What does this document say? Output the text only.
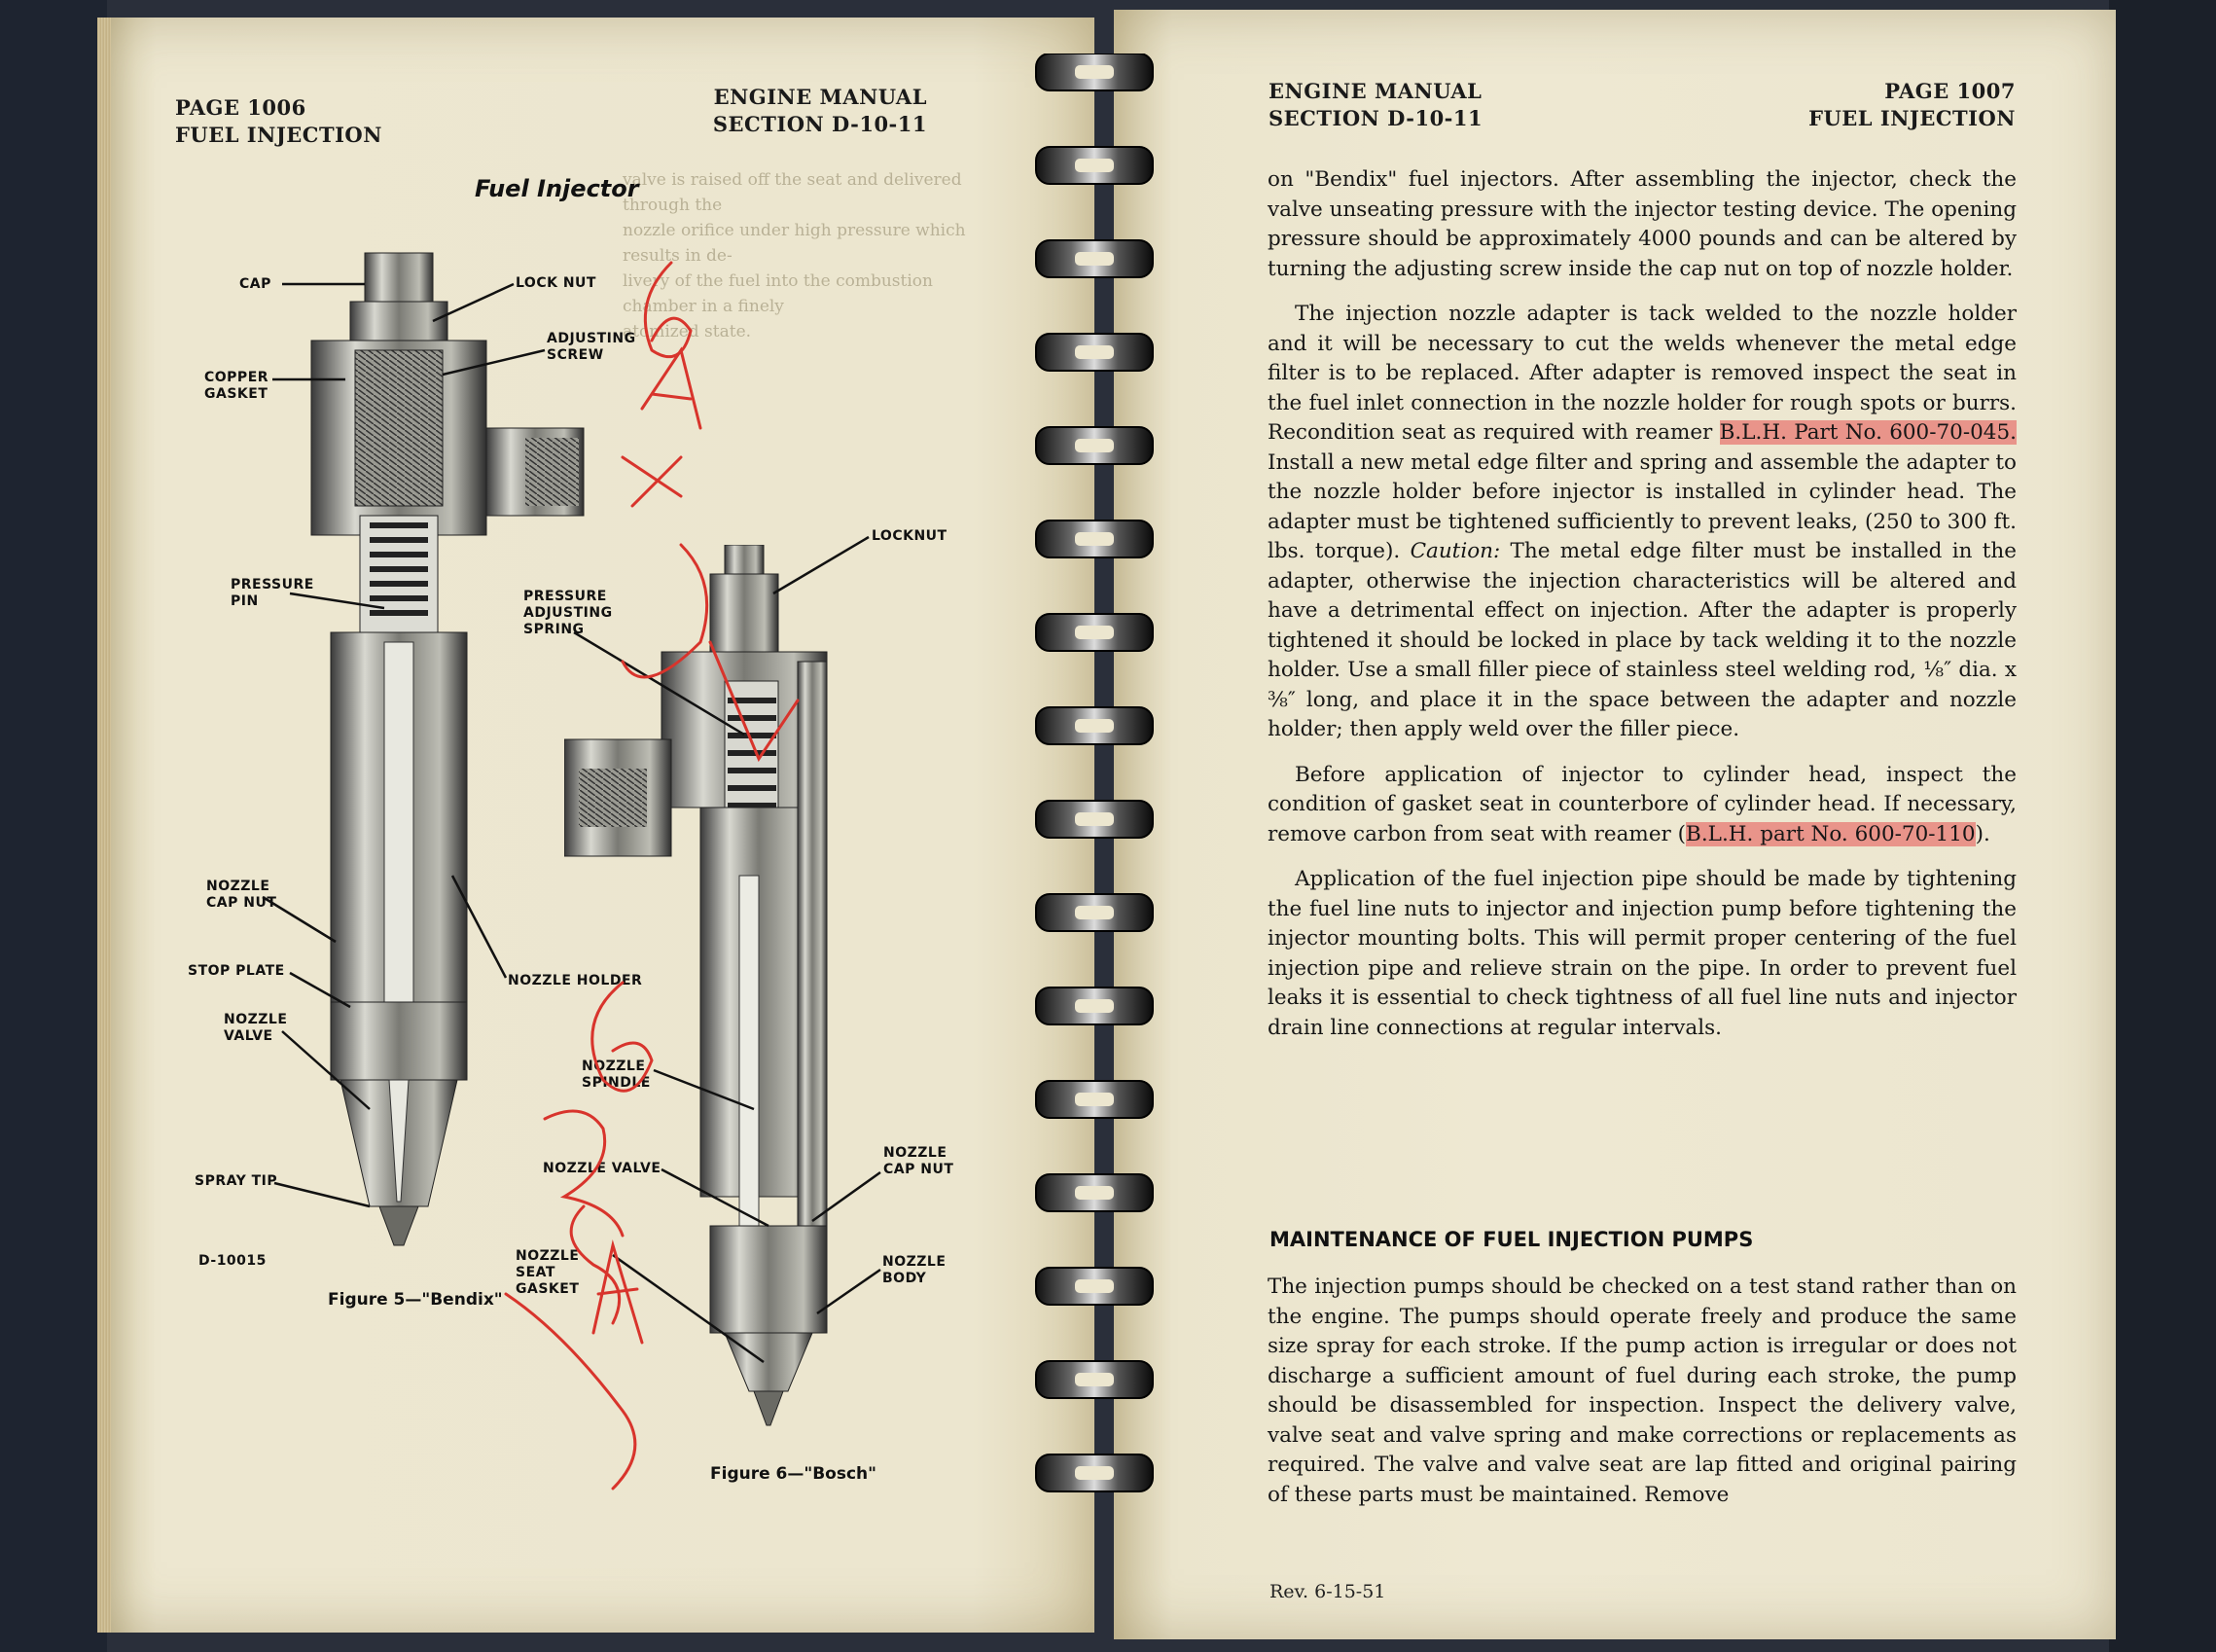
PAGE 1006
FUEL INJECTION
ENGINE MANUAL
SECTION D-10-11

valve is raised off the seat and delivered through the

nozzle orifice under high pressure which results in de-

livery of the fuel into the combustion chamber in a finely

atomized state.

Fuel Injector
CAP	LOCK NUT
ADJUSTING SCREW
COPPER GASKET
PRESSURE PIN
NOZZLE CAP NUT
STOP PLATE
NOZZLE VALVE
SPRAY TIP
NOZZLE HOLDER
D-10015
Figure 5—"Bendix"
LOCKNUT
PRESSURE ADJUSTING SPRING
NOZZLE SPINDLE
NOZZLE VALVE
NOZZLE CAP NUT
NOZZLE SEAT GASKET
NOZZLE BODY
Figure 6—"Bosch"
ENGINE MANUAL
SECTION D-10-11
PAGE 1007
FUEL INJECTION

on "Bendix" fuel injectors. After assembling the injector, check the valve unseating pressure with the injector testing device. The opening pressure should be approximately 4000 pounds and can be altered by turning the adjusting screw inside the cap nut on top of nozzle holder.

The injection nozzle adapter is tack welded to the nozzle holder and it will be necessary to cut the welds whenever the metal edge filter is to be replaced. After adapter is removed inspect the seat in the fuel inlet connection in the nozzle holder for rough spots or burrs. Recondition seat as required with reamer B.L.H. Part No. 600-70-045. Install a new metal edge filter and spring and assemble the adapter to the nozzle holder before injector is installed in cylinder head. The adapter must be tightened sufficiently to prevent leaks, (250 to 300 ft. lbs. torque). Caution: The metal edge filter must be installed in the adapter, otherwise the injection characteristics will be altered and have a detrimental effect on injection. After the adapter is properly tightened it should be locked in place by tack welding it to the nozzle holder. Use a small filler piece of stainless steel welding rod, ⅛″ dia. x ⅜″ long, and place it in the space between the adapter and nozzle holder; then apply weld over the filler piece.

Before application of injector to cylinder head, inspect the condition of gasket seat in counterbore of cylinder head. If necessary, remove carbon from seat with reamer (B.L.H. part No. 600-70-110).

Application of the fuel injection pipe should be made by tightening the fuel line nuts to injector and injection pump before tightening the injector mounting bolts. This will permit proper centering of the fuel injection pipe and relieve strain on the pipe. In order to prevent fuel leaks it is essential to check tightness of all fuel line nuts and injector drain line connections at regular intervals.

MAINTENANCE OF FUEL INJECTION PUMPS

The injection pumps should be checked on a test stand rather than on the engine. The pumps should operate freely and produce the same size spray for each stroke. If the pump action is irregular or does not discharge a sufficient amount of fuel during each stroke, the pump should be disassembled for inspection. Inspect the delivery valve, valve seat and valve spring and make corrections or replacements as required. The valve and valve seat are lap fitted and original pairing of these parts must be maintained. Remove

Rev. 6-15-51
